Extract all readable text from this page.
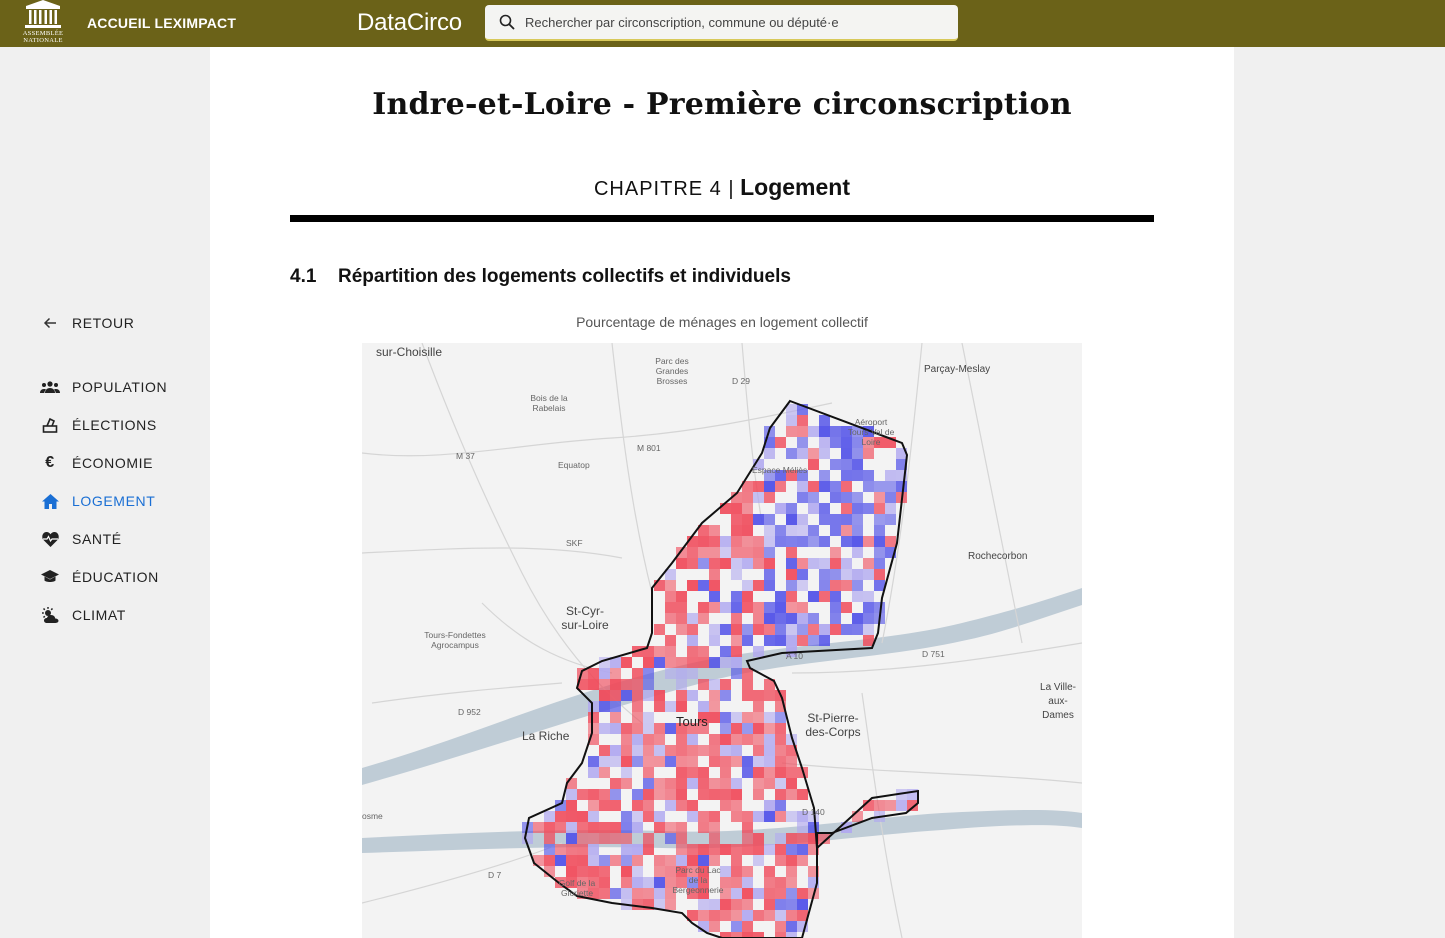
ASSEMBLÉE
NATIONALE
ACCUEIL LEXIMPACT	DataCirco
Rechercher par circonscription, commune ou député·e
RETOUR
POPULATION
ÉLECTIONS
€	ÉCONOMIE
LOGEMENT
SANTÉ
ÉDUCATION
CLIMAT
Indre-et-Loire - Première circonscription
CHAPITRE 4 | Logement
4.1 Répartition des logements collectifs et individuels
Pourcentage de ménages en logement collectif
sur-Choisille
Parc des Grandes Brosses	D 29
Parçay-Meslay
Bois de la Rabelais
Aéroport Tours Val de Loire
M 801
M 37
Equatop	Espace Méliès
SKF
Rochecorbon
St-Cyr-sur-Loire
Tours-Fondettes Agrocampus
D 952
A 10	D 751
La Ville-aux-Dames
Tours	St-Pierre-des-Corps
La Riche
osme
D 7
Golf de la Gloriette
Parc du Lac de la Bergeonnerie
D 140
